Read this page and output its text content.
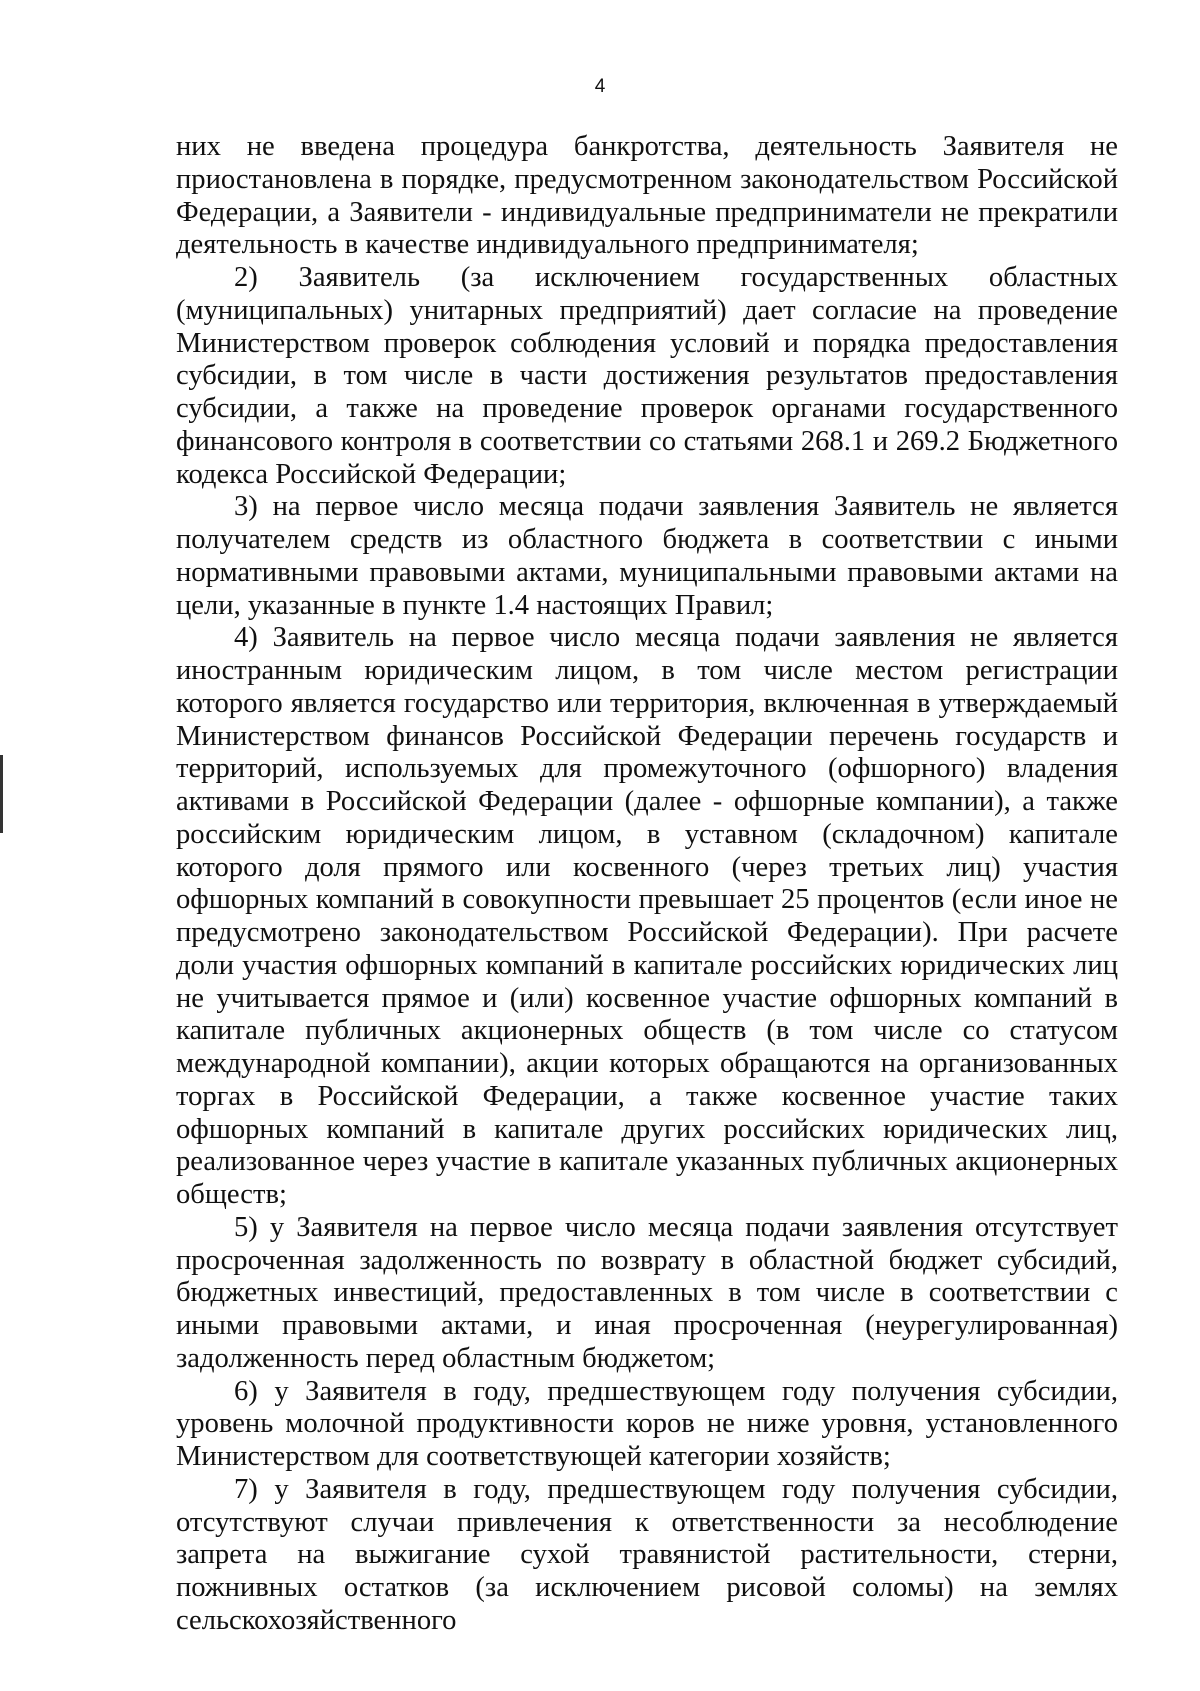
4

них не введена процедура банкротства, деятельность Заявителя не приостановлена в порядке, предусмотренном законодательством Российской Федерации, а Заявители - индивидуальные предприниматели не прекратили деятельность в качестве индивидуального предпринимателя;

2) Заявитель (за исключением государственных областных (муниципальных) унитарных предприятий) дает согласие на проведение Министерством проверок соблюдения условий и порядка предоставления субсидии, в том числе в части достижения результатов предоставления субсидии, а также на проведение проверок органами государственного финансового контроля в соответствии со статьями 268.1 и 269.2 Бюджетного кодекса Российской Федерации;

3) на первое число месяца подачи заявления Заявитель не является получателем средств из областного бюджета в соответствии с иными нормативными правовыми актами, муниципальными правовыми актами на цели, указанные в пункте 1.4 настоящих Правил;

4) Заявитель на первое число месяца подачи заявления не является иностранным юридическим лицом, в том числе местом регистрации которого является государство или территория, включенная в утверждаемый Министерством финансов Российской Федерации перечень государств и территорий, используемых для промежуточного (офшорного) владения активами в Российской Федерации (далее - офшорные компании), а также российским юридическим лицом, в уставном (складочном) капитале которого доля прямого или косвенного (через третьих лиц) участия офшорных компаний в совокупности превышает 25 процентов (если иное не предусмотрено законодательством Российской Федерации). При расчете доли участия офшорных компаний в капитале российских юридических лиц не учитывается прямое и (или) косвенное участие офшорных компаний в капитале публичных акционерных обществ (в том числе со статусом международной компании), акции которых обращаются на организованных торгах в Российской Федерации, а также косвенное участие таких офшорных компаний в капитале других российских юридических лиц, реализованное через участие в капитале указанных публичных акционерных обществ;

5) у Заявителя на первое число месяца подачи заявления отсутствует просроченная задолженность по возврату в областной бюджет субсидий, бюджетных инвестиций, предоставленных в том числе в соответствии с иными правовыми актами, и иная просроченная (неурегулированная) задолженность перед областным бюджетом;

6) у Заявителя в году, предшествующем году получения субсидии, уровень молочной продуктивности коров не ниже уровня, установленного Министерством для соответствующей категории хозяйств;

7) у Заявителя в году, предшествующем году получения субсидии, отсутствуют случаи привлечения к ответственности за несоблюдение запрета на выжигание сухой травянистой растительности, стерни, пожнивных остатков (за исключением рисовой соломы) на землях сельскохозяйственного
